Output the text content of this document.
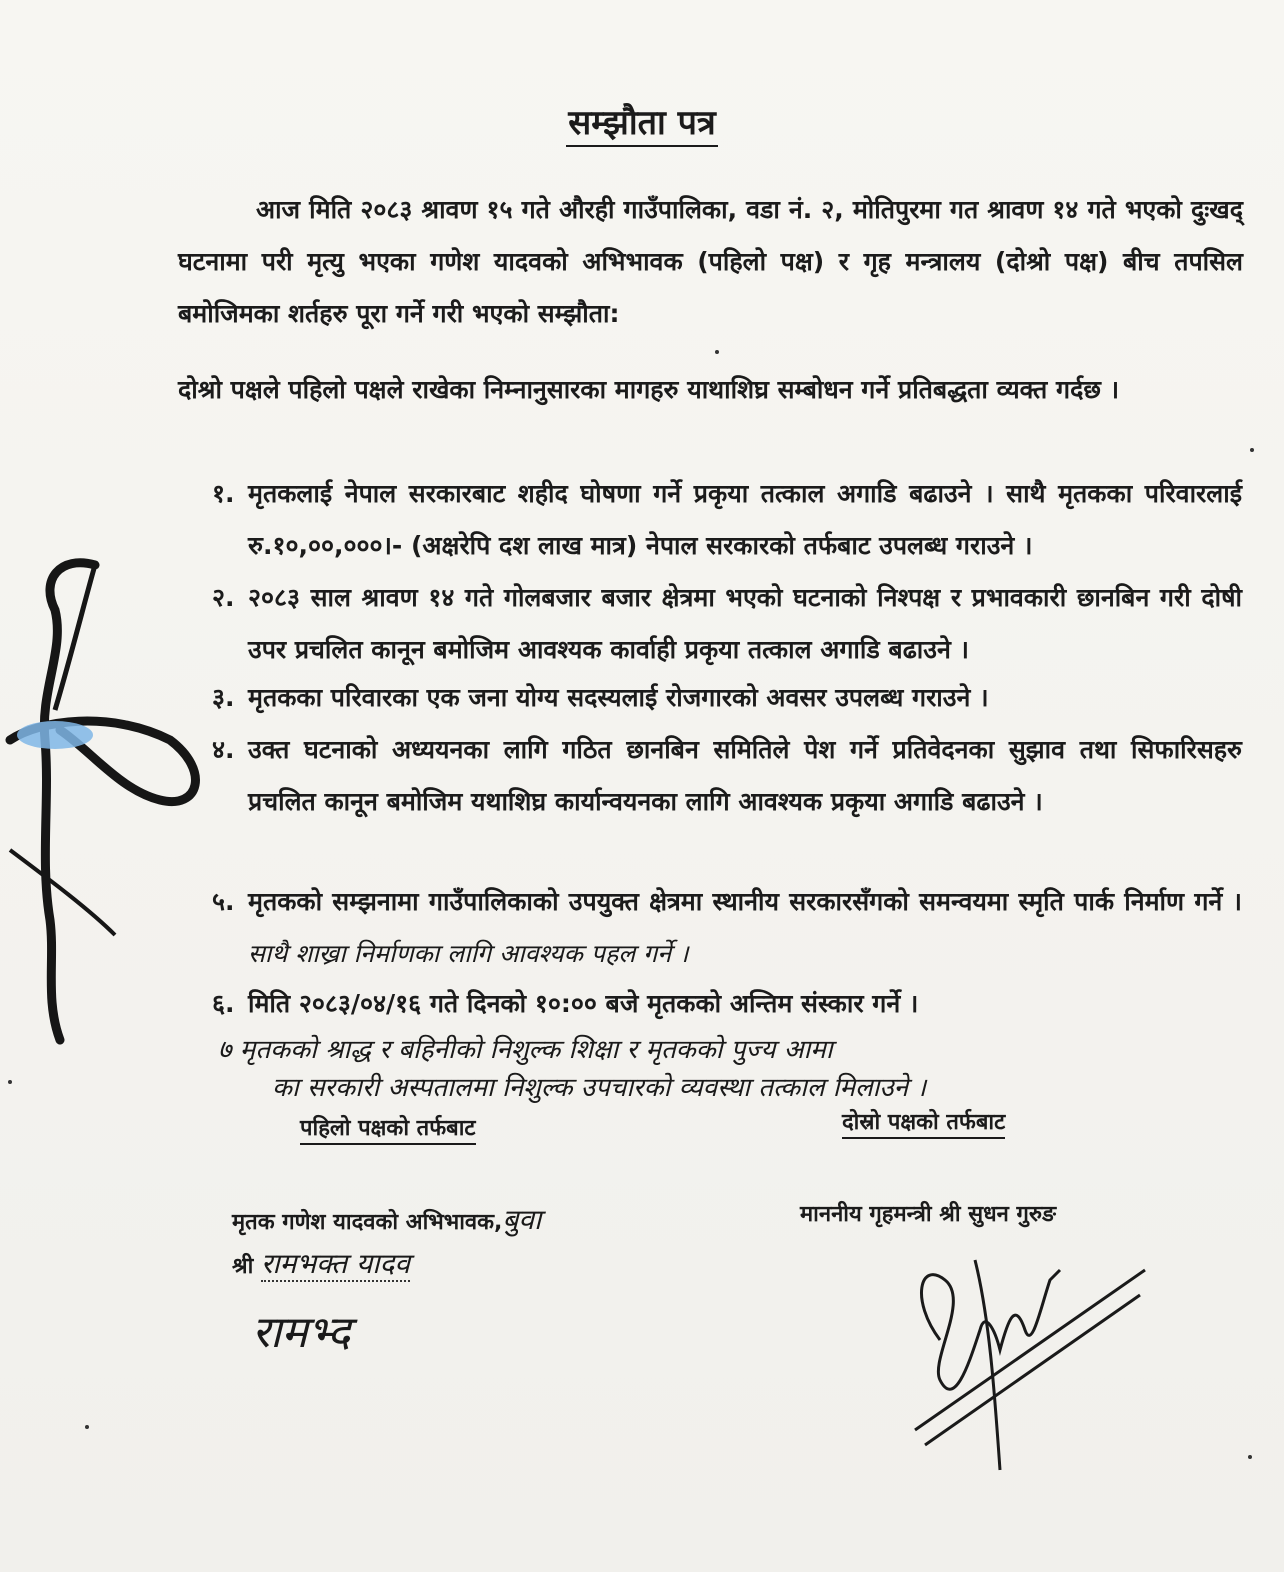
सम्झौता पत्र
आज मिति २०८३ श्रावण १५ गते औरही गाउँपालिका, वडा नं. २, मोतिपुरमा गत श्रावण १४ गते भएको दुःखद् घटनामा परी मृत्यु भएका गणेश यादवको अभिभावक (पहिलो पक्ष) र गृह मन्त्रालय (दोश्रो पक्ष) बीच तपसिल बमोजिमका शर्तहरु पूरा गर्ने गरी भएको सम्झौता:
दोश्रो पक्षले पहिलो पक्षले राखेका निम्नानुसारका मागहरु याथाशिघ्र सम्बोधन गर्ने प्रतिबद्धता व्यक्त गर्दछ ।
१. मृतकलाई नेपाल सरकारबाट शहीद घोषणा गर्ने प्रकृया तत्काल अगाडि बढाउने । साथै मृतकका परिवारलाई रु.१०,००,०००।- (अक्षरेपि दश लाख मात्र) नेपाल सरकारको तर्फबाट उपलब्ध गराउने ।
२. २०८३ साल श्रावण १४ गते गोलबजार बजार क्षेत्रमा भएको घटनाको निश्पक्ष र प्रभावकारी छानबिन गरी दोषी उपर प्रचलित कानून बमोजिम आवश्यक कार्वाही प्रकृया तत्काल अगाडि बढाउने ।
३. मृतकका परिवारका एक जना योग्य सदस्यलाई रोजगारको अवसर उपलब्ध गराउने ।
४. उक्त घटनाको अध्ययनका लागि गठित छानबिन समितिले पेश गर्ने प्रतिवेदनका सुझाव तथा सिफारिसहरु प्रचलित कानून बमोजिम यथाशिघ्र कार्यान्वयनका लागि आवश्यक प्रकृया अगाडि बढाउने ।
५. मृतकको सम्झनामा गाउँपालिकाको उपयुक्त क्षेत्रमा स्थानीय सरकारसँगको समन्वयमा स्मृति पार्क निर्माण गर्ने । साथै शाख्रा निर्माणका लागि आवश्यक पहल गर्ने ।
६. मिति २०८३/०४/१६ गते दिनको १०:०० बजे मृतकको अन्तिम संस्कार गर्ने ।
७ मृतकको श्राद्ध र बहिनीको निशुल्क शिक्षा र मृतकको पुज्य आमा
का सरकारी अस्पतालमा निशुल्क उपचारको व्यवस्था तत्काल मिलाउने ।
पहिलो पक्षको तर्फबाट	दोस्रो पक्षको तर्फबाट
मृतक गणेश यादवको अभिभावक,बुवा
श्री रामभक्त यादव
रामभ्द
माननीय गृहमन्त्री श्री सुधन गुरुङ
